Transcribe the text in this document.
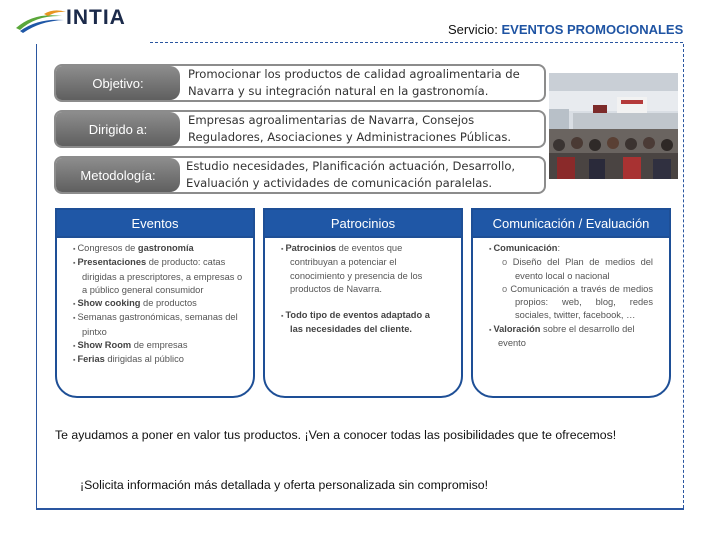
INTIA
Servicio: EVENTOS PROMOCIONALES
Objetivo:
Promocionar los productos de calidad agroalimentaria de Navarra y su integración natural en la gastronomía.
Dirigido a:
Empresas agroalimentarias de Navarra, Consejos Reguladores, Asociaciones y Administraciones Públicas.
Metodología:
Estudio necesidades, Planificación actuación, Desarrollo, Evaluación y actividades de comunicación paralelas.
Eventos

▪ Congresos de gastronomía

▪ Presentaciones de producto: catas dirigidas a prescriptores, a empresas o a público general consumidor

▪ Show cooking de productos

▪ Semanas gastronómicas, semanas del pintxo

▪ Show Room de empresas

▪ Ferias dirigidas al público

Patrocinios

▪ Patrocinios de eventos que contribuyan a potenciar el conocimiento y presencia de los productos de Navarra.

▪ Todo tipo de eventos adaptado a las necesidades del cliente.

Comunicación / Evaluación

▪ Comunicación:

o Diseño del Plan de medios del evento local o nacional

o Comunicación a través de medios propios: web, blog, redes sociales, twitter, facebook, …

▪ Valoración sobre el desarrollo del evento

Te ayudamos a poner en valor tus productos. ¡Ven a conocer todas las posibilidades que te ofrecemos!
¡Solicita información más detallada y oferta personalizada sin compromiso!
